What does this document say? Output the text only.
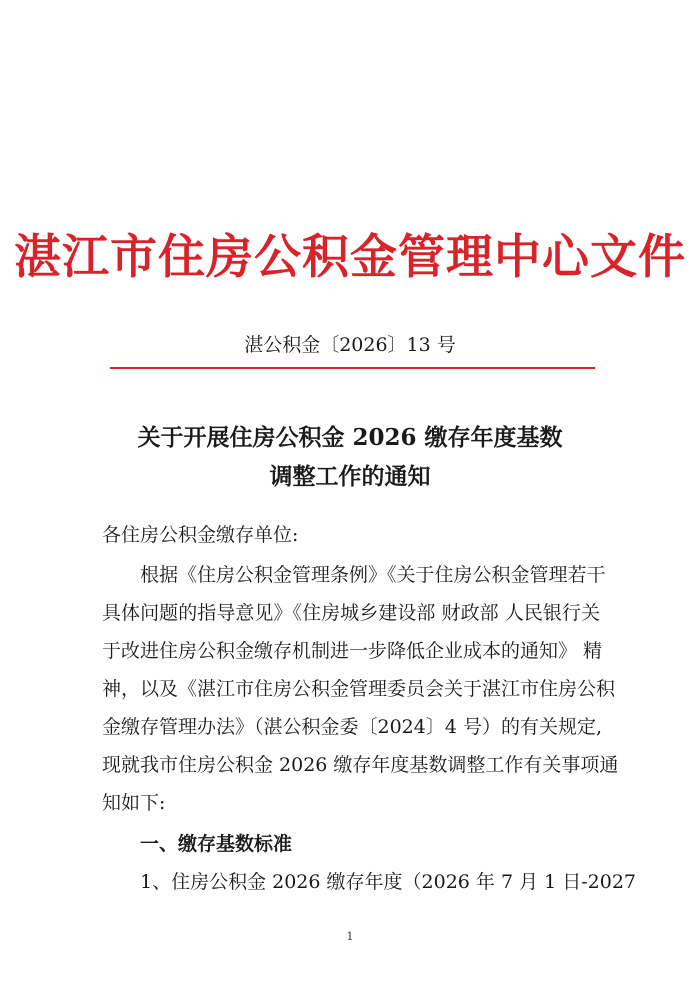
湛江市住房公积金管理中心文件
湛公积金〔2026〕13 号
关于开展住房公积金 2026 缴存年度基数
调整工作的通知
各住房公积金缴存单位:
根据《住房公积金管理条例》《关于住房公积金管理若干
具体问题的指导意见》《住房城乡建设部 财政部 人民银行关
于改进住房公积金缴存机制进一步降低企业成本的通知》 精
神，以及《湛江市住房公积金管理委员会关于湛江市住房公积
金缴存管理办法》（湛公积金委〔2024〕4 号）的有关规定,
现就我市住房公积金 2026 缴存年度基数调整工作有关事项通
知如下:
一、缴存基数标准
1、住房公积金 2026 缴存年度（2026 年 7 月 1 日-2027
1
